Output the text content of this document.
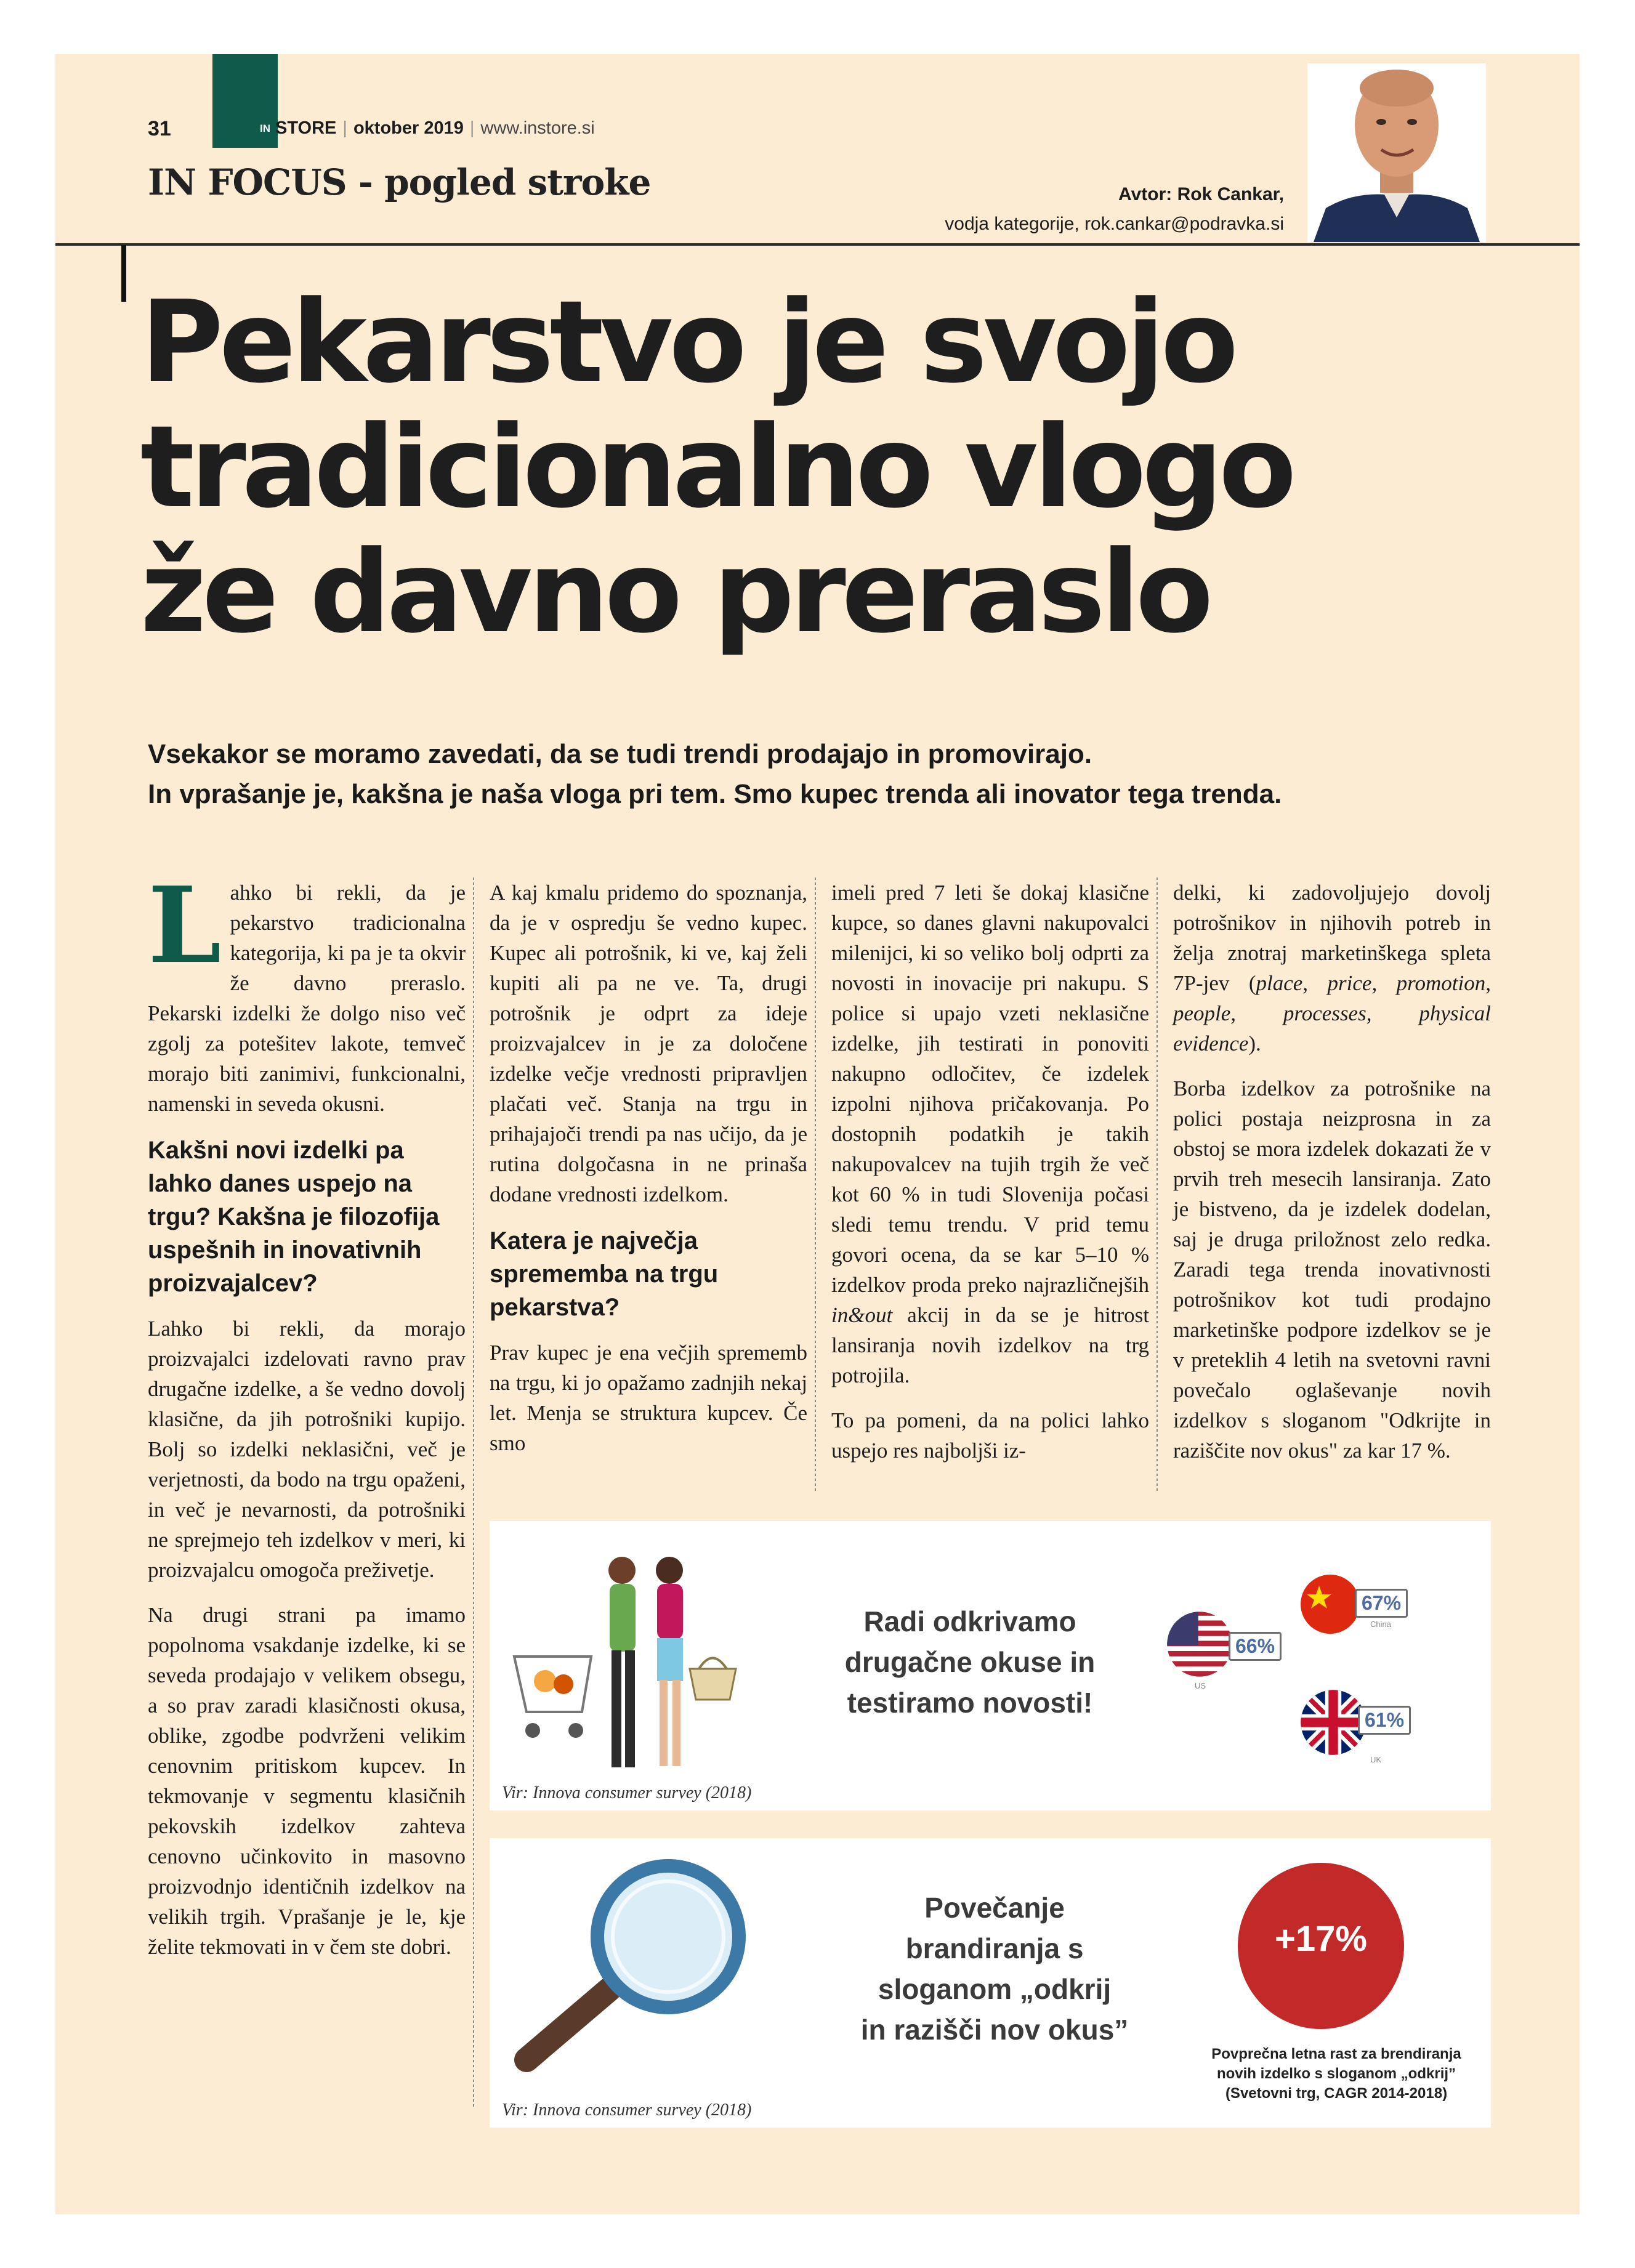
31	IN STORE | oktober 2019 | www.instore.si
IN FOCUS - pogled stroke	Avtor: Rok Cankar,
vodja kategorije, rok.cankar@podravka.si
Pekarstvo je svojo
tradicionalno vlogo
že davno preraslo
Vsekakor se moramo zavedati, da se tudi trendi prodajajo in promovirajo.
In vprašanje je, kakšna je naša vloga pri tem. Smo kupec trenda ali inovator tega trenda.

Lahko bi rekli, da je pekarstvo tradicionalna kategorija, ki pa je ta okvir že davno preraslo. Pekarski izdelki že dolgo niso več zgolj za potešitev lakote, temveč morajo biti zanimivi, funkcionalni, namenski in seveda okusni.

Kakšni novi izdelki pa lahko danes uspejo na trgu? Kakšna je filozofija uspešnih in inovativnih proizvajalcev?

Lahko bi rekli, da morajo proizvajalci izdelovati ravno prav drugačne izdelke, a še vedno dovolj klasične, da jih potrošniki kupijo. Bolj so izdelki neklasični, več je verjetnosti, da bodo na trgu opaženi, in več je nevarnosti, da potrošniki ne sprejmejo teh izdelkov v meri, ki proizvajalcu omogoča preživetje.

Na drugi strani pa imamo popolnoma vsakdanje izdelke, ki se seveda prodajajo v velikem obsegu, a so prav zaradi klasičnosti okusa, oblike, zgodbe podvrženi velikim cenovnim pritiskom kupcev. In tekmovanje v segmentu klasičnih pekovskih izdelkov zahteva cenovno učinkovito in masovno proizvodnjo identičnih izdelkov na velikih trgih. Vprašanje je le, kje želite tekmovati in v čem ste dobri.

A kaj kmalu pridemo do spoznanja, da je v ospredju še vedno kupec. Kupec ali potrošnik, ki ve, kaj želi kupiti ali pa ne ve. Ta, drugi potrošnik je odprt za ideje proizvajalcev in je za določene izdelke večje vrednosti pripravljen plačati več. Stanja na trgu in prihajajoči trendi pa nas učijo, da je rutina dolgočasna in ne prinaša dodane vrednosti izdelkom.

Katera je največja sprememba na trgu pekarstva?

Prav kupec je ena večjih sprememb na trgu, ki jo opažamo zadnjih nekaj let. Menja se struktura kupcev. Če smo

imeli pred 7 leti še dokaj klasične kupce, so danes glavni nakupovalci milenijci, ki so veliko bolj odprti za novosti in inovacije pri nakupu. S police si upajo vzeti neklasične izdelke, jih testirati in ponoviti nakupno odločitev, če izdelek izpolni njihova pričakovanja. Po dostopnih podatkih je takih nakupovalcev na tujih trgih že več kot 60 % in tudi Slovenija počasi sledi temu trendu. V prid temu govori ocena, da se kar 5–10 % izdelkov proda preko najrazličnejših in&out akcij in da se je hitrost lansiranja novih izdelkov na trg potrojila.

To pa pomeni, da na polici lahko uspejo res najboljši iz-

delki, ki zadovoljujejo dovolj potrošnikov in njihovih potreb in želja znotraj marketinškega spleta 7P-jev (place, price, promotion, people, processes, physical evidence).

Borba izdelkov za potrošnike na polici postaja neizprosna in za obstoj se mora izdelek dokazati že v prvih treh mesecih lansiranja. Zato je bistveno, da je izdelek dodelan, saj je druga priložnost zelo redka. Zaradi tega trenda inovativnosti potrošnikov kot tudi prodajno marketinške podpore izdelkov se je v preteklih 4 letih na svetovni ravni povečalo oglaševanje novih izdelkov s sloganom "Odkrijte in raziščite nov okus" za kar 17 %.

Radi odkrivamo
drugačne okuse in
testiramo novosti!
66%
US
67%
China
61%
UK
Vir: Innova consumer survey (2018)
Povečanje
brandiranja s
sloganom „odkrij
in razišči nov okus”
Vir: Innova consumer survey (2018)
+17%
Povprečna letna rast za brendiranja
novih izdelko s sloganom „odkrij”
(Svetovni trg, CAGR 2014-2018)
